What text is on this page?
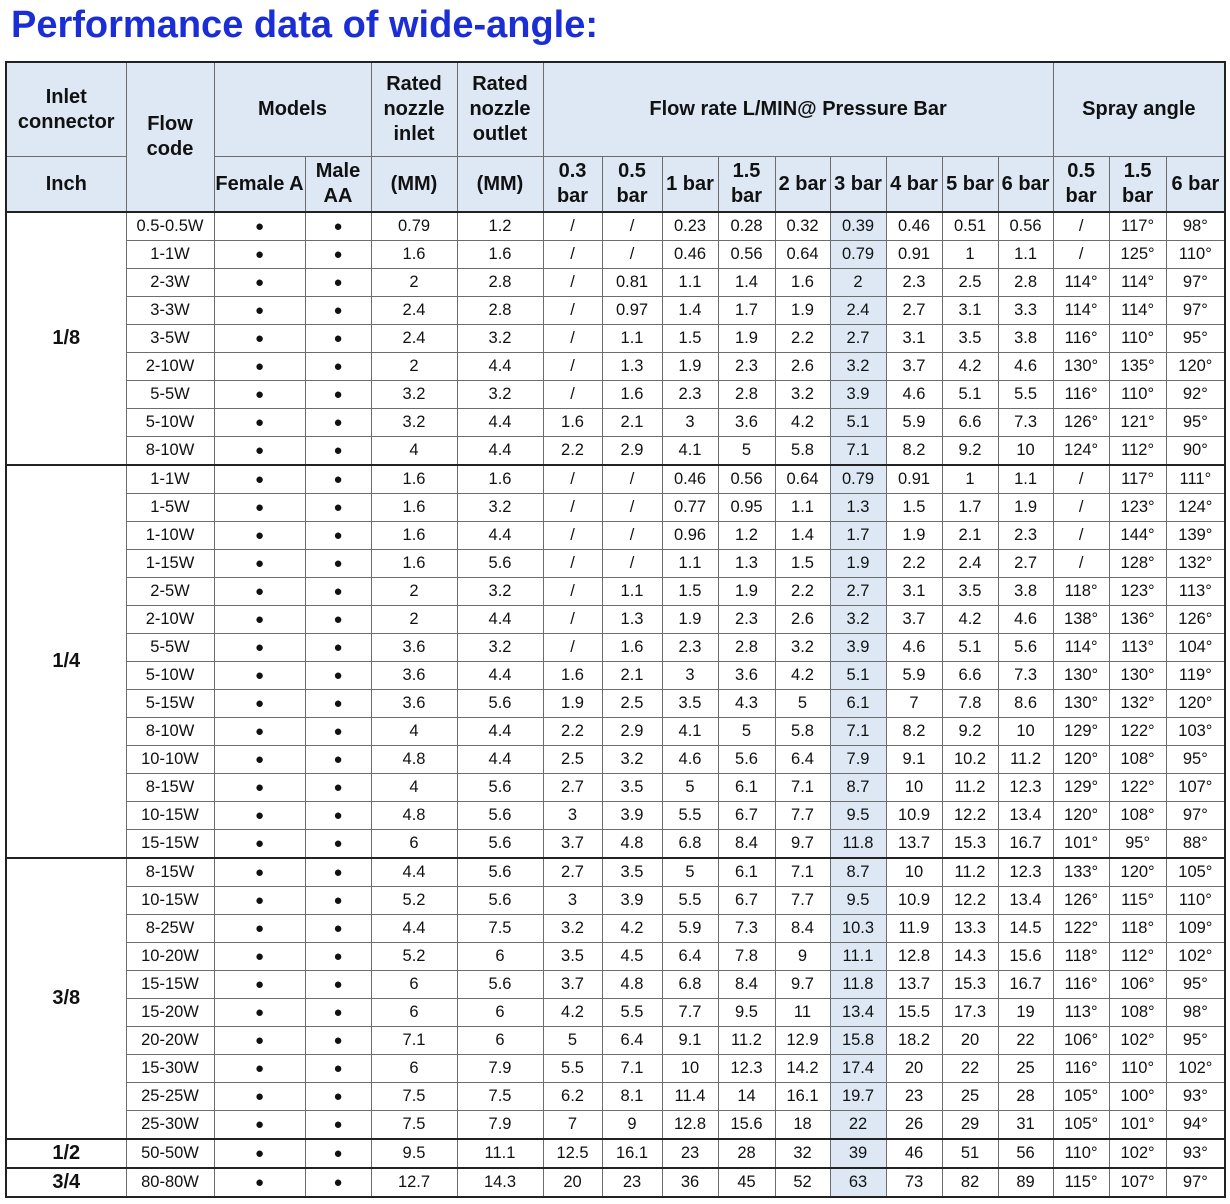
Performance data of wide-angle:
Inlet connector	Flow code	Models		Rated nozzle inlet	Rated nozzle outlet	Flow rate L/MIN@ Pressure Bar									Spray angle		
Inch		Female A	Male AA	(MM)	(MM)	0.3 bar	0.5 bar	1 bar	1.5 bar	2 bar	3 bar	4 bar	5 bar	6 bar	0.5 bar	1.5 bar	6 bar
1/8	0.5-0.5W	●	●	0.79	1.2	/	/	0.23	0.28	0.32	0.39	0.46	0.51	0.56	/	117°	98°
	1-1W	●	●	1.6	1.6	/	/	0.46	0.56	0.64	0.79	0.91	1	1.1	/	125°	110°
	2-3W	●	●	2	2.8	/	0.81	1.1	1.4	1.6	2	2.3	2.5	2.8	114°	114°	97°
	3-3W	●	●	2.4	2.8	/	0.97	1.4	1.7	1.9	2.4	2.7	3.1	3.3	114°	114°	97°
	3-5W	●	●	2.4	3.2	/	1.1	1.5	1.9	2.2	2.7	3.1	3.5	3.8	116°	110°	95°
	2-10W	●	●	2	4.4	/	1.3	1.9	2.3	2.6	3.2	3.7	4.2	4.6	130°	135°	120°
	5-5W	●	●	3.2	3.2	/	1.6	2.3	2.8	3.2	3.9	4.6	5.1	5.5	116°	110°	92°
	5-10W	●	●	3.2	4.4	1.6	2.1	3	3.6	4.2	5.1	5.9	6.6	7.3	126°	121°	95°
	8-10W	●	●	4	4.4	2.2	2.9	4.1	5	5.8	7.1	8.2	9.2	10	124°	112°	90°
1/4	1-1W	●	●	1.6	1.6	/	/	0.46	0.56	0.64	0.79	0.91	1	1.1	/	117°	111°
	1-5W	●	●	1.6	3.2	/	/	0.77	0.95	1.1	1.3	1.5	1.7	1.9	/	123°	124°
	1-10W	●	●	1.6	4.4	/	/	0.96	1.2	1.4	1.7	1.9	2.1	2.3	/	144°	139°
	1-15W	●	●	1.6	5.6	/	/	1.1	1.3	1.5	1.9	2.2	2.4	2.7	/	128°	132°
	2-5W	●	●	2	3.2	/	1.1	1.5	1.9	2.2	2.7	3.1	3.5	3.8	118°	123°	113°
	2-10W	●	●	2	4.4	/	1.3	1.9	2.3	2.6	3.2	3.7	4.2	4.6	138°	136°	126°
	5-5W	●	●	3.6	3.2	/	1.6	2.3	2.8	3.2	3.9	4.6	5.1	5.6	114°	113°	104°
	5-10W	●	●	3.6	4.4	1.6	2.1	3	3.6	4.2	5.1	5.9	6.6	7.3	130°	130°	119°
	5-15W	●	●	3.6	5.6	1.9	2.5	3.5	4.3	5	6.1	7	7.8	8.6	130°	132°	120°
	8-10W	●	●	4	4.4	2.2	2.9	4.1	5	5.8	7.1	8.2	9.2	10	129°	122°	103°
	10-10W	●	●	4.8	4.4	2.5	3.2	4.6	5.6	6.4	7.9	9.1	10.2	11.2	120°	108°	95°
	8-15W	●	●	4	5.6	2.7	3.5	5	6.1	7.1	8.7	10	11.2	12.3	129°	122°	107°
	10-15W	●	●	4.8	5.6	3	3.9	5.5	6.7	7.7	9.5	10.9	12.2	13.4	120°	108°	97°
	15-15W	●	●	6	5.6	3.7	4.8	6.8	8.4	9.7	11.8	13.7	15.3	16.7	101°	95°	88°
3/8	8-15W	●	●	4.4	5.6	2.7	3.5	5	6.1	7.1	8.7	10	11.2	12.3	133°	120°	105°
	10-15W	●	●	5.2	5.6	3	3.9	5.5	6.7	7.7	9.5	10.9	12.2	13.4	126°	115°	110°
	8-25W	●	●	4.4	7.5	3.2	4.2	5.9	7.3	8.4	10.3	11.9	13.3	14.5	122°	118°	109°
	10-20W	●	●	5.2	6	3.5	4.5	6.4	7.8	9	11.1	12.8	14.3	15.6	118°	112°	102°
	15-15W	●	●	6	5.6	3.7	4.8	6.8	8.4	9.7	11.8	13.7	15.3	16.7	116°	106°	95°
	15-20W	●	●	6	6	4.2	5.5	7.7	9.5	11	13.4	15.5	17.3	19	113°	108°	98°
	20-20W	●	●	7.1	6	5	6.4	9.1	11.2	12.9	15.8	18.2	20	22	106°	102°	95°
	15-30W	●	●	6	7.9	5.5	7.1	10	12.3	14.2	17.4	20	22	25	116°	110°	102°
	25-25W	●	●	7.5	7.5	6.2	8.1	11.4	14	16.1	19.7	23	25	28	105°	100°	93°
	25-30W	●	●	7.5	7.9	7	9	12.8	15.6	18	22	26	29	31	105°	101°	94°
1/2	50-50W	●	●	9.5	11.1	12.5	16.1	23	28	32	39	46	51	56	110°	102°	93°
3/4	80-80W	●	●	12.7	14.3	20	23	36	45	52	63	73	82	89	115°	107°	97°
